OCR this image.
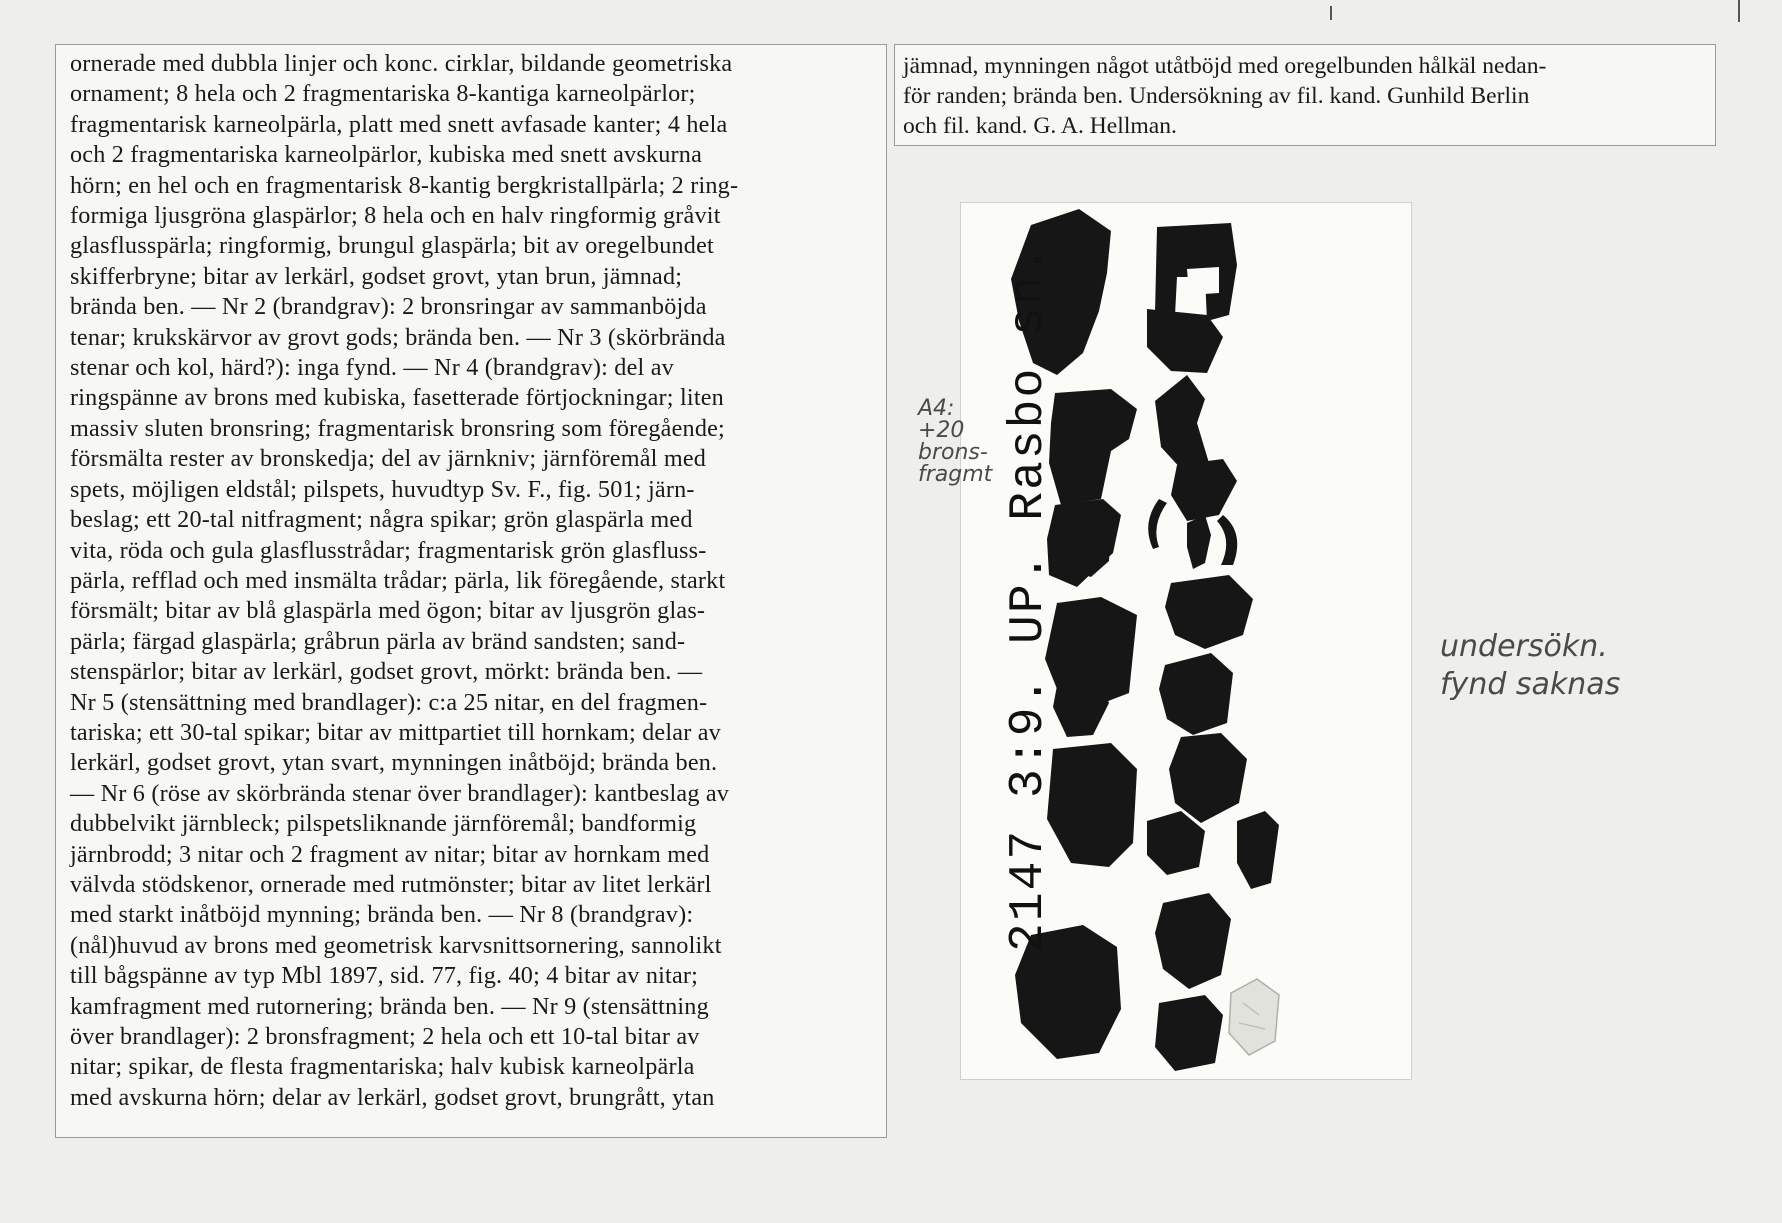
ornerade med dubbla linjer och konc. cirklar, bildande geometriska
ornament; 8 hela och 2 fragmentariska 8-kantiga karneolpärlor;
fragmentarisk karneolpärla, platt med snett avfasade kanter; 4 hela
och 2 fragmentariska karneolpärlor, kubiska med snett avskurna
hörn; en hel och en fragmentarisk 8-kantig bergkristallpärla; 2 ring-
formiga ljusgröna glaspärlor; 8 hela och en halv ringformig gråvit
glasflusspärla; ringformig, brungul glaspärla; bit av oregelbundet
skifferbryne; bitar av lerkärl, godset grovt, ytan brun, jämnad;
brända ben. — Nr 2 (brandgrav): 2 bronsringar av sammanböjda
tenar; krukskärvor av grovt gods; brända ben. — Nr 3 (skörbrända
stenar och kol, härd?): inga fynd. — Nr 4 (brandgrav): del av
ringspänne av brons med kubiska, fasetterade förtjockningar; liten
massiv sluten bronsring; fragmentarisk bronsring som föregående;
försmälta rester av bronskedja; del av järnkniv; järnföremål med
spets, möjligen eldstål; pilspets, huvudtyp Sv. F., fig. 501; järn-
beslag; ett 20-tal nitfragment; några spikar; grön glaspärla med
vita, röda och gula glasflusstrådar; fragmentarisk grön glasfluss-
pärla, refflad och med insmälta trådar; pärla, lik föregående, starkt
försmält; bitar av blå glaspärla med ögon; bitar av ljusgrön glas-
pärla; färgad glaspärla; gråbrun pärla av bränd sandsten; sand-
stenspärlor; bitar av lerkärl, godset grovt, mörkt: brända ben. —
Nr 5 (stensättning med brandlager): c:a 25 nitar, en del fragmen-
tariska; ett 30-tal spikar; bitar av mittpartiet till hornkam; delar av
lerkärl, godset grovt, ytan svart, mynningen inåtböjd; brända ben.
— Nr 6 (röse av skörbrända stenar över brandlager): kantbeslag av
dubbelvikt järnbleck; pilspetsliknande järnföremål; bandformig
järnbrodd; 3 nitar och 2 fragment av nitar; bitar av hornkam med
välvda stödskenor, ornerade med rutmönster; bitar av litet lerkärl
med starkt inåtböjd mynning; brända ben. — Nr 8 (brandgrav):
(nål)huvud av brons med geometrisk karvsnittsornering, sannolikt
till bågspänne av typ Mbl 1897, sid. 77, fig. 40; 4 bitar av nitar;
kamfragment med rutornering; brända ben. — Nr 9 (stensättning
över brandlager): 2 bronsfragment; 2 hela och ett 10-tal bitar av
nitar; spikar, de flesta fragmentariska; halv kubisk karneolpärla
med avskurna hörn; delar av lerkärl, godset grovt, brungrått, ytan
jämnad, mynningen något utåtböjd med oregelbunden hålkäl nedan-
för randen; brända ben. Undersökning av fil. kand. Gunhild Berlin
och fil. kand. G. A. Hellman.
2147 3:9. UP. Rasbo sn.
A4:
+20
brons-
fragmt
undersökn.
fynd saknas
